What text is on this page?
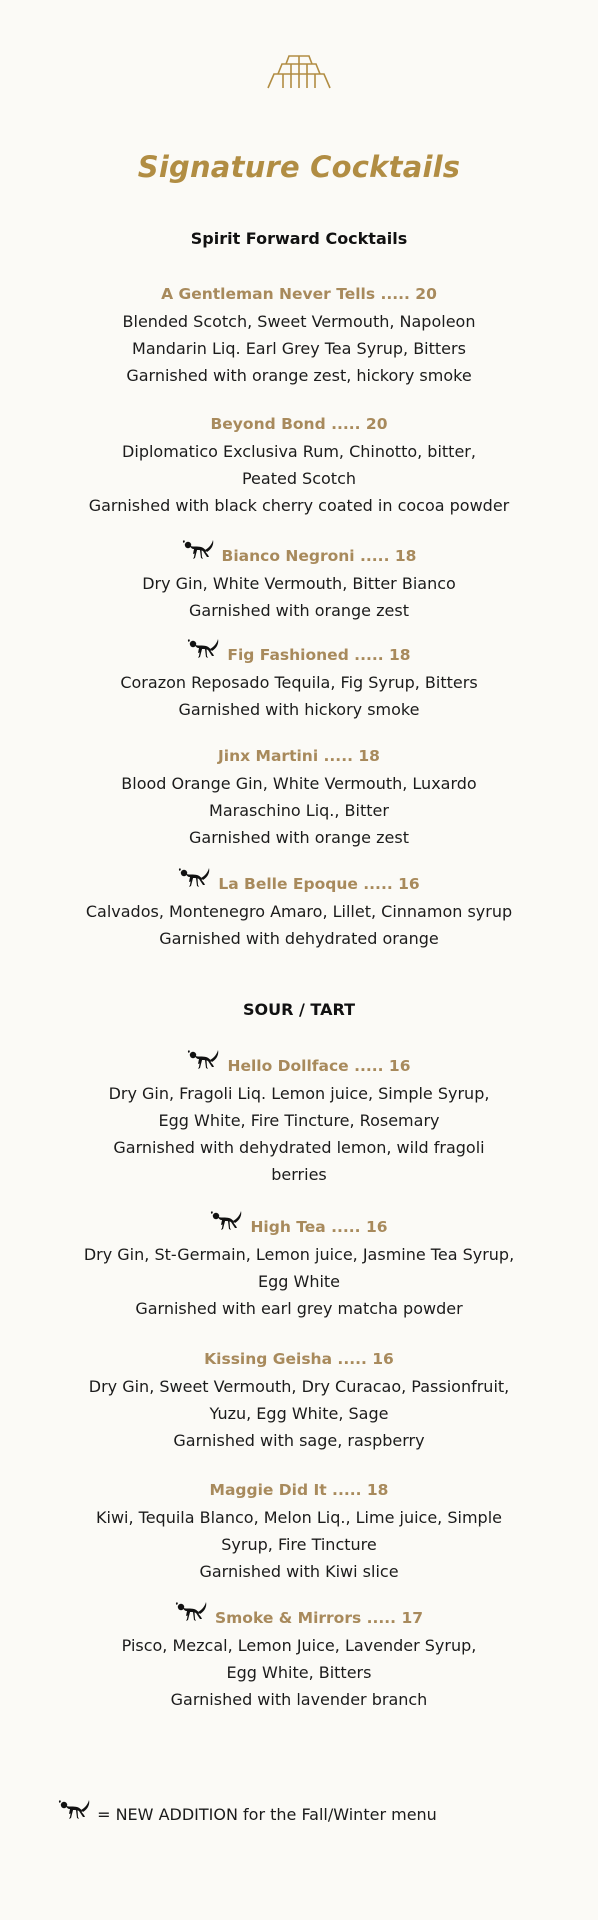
Signature Cocktails
Spirit Forward Cocktails
A Gentleman Never Tells ..... 20
Blended Scotch, Sweet Vermouth, Napoleon
Mandarin Liq. Earl Grey Tea Syrup, Bitters
Garnished with orange zest, hickory smoke
Beyond Bond ..... 20
Diplomatico Exclusiva Rum, Chinotto, bitter,
Peated Scotch
Garnished with black cherry coated in cocoa powder
Bianco Negroni ..... 18
Dry Gin, White Vermouth, Bitter Bianco
Garnished with orange zest
Fig Fashioned ..... 18
Corazon Reposado Tequila, Fig Syrup, Bitters
Garnished with hickory smoke
Jinx Martini ..... 18
Blood Orange Gin, White Vermouth, Luxardo
Maraschino Liq., Bitter
Garnished with orange zest
La Belle Epoque ..... 16
Calvados, Montenegro Amaro, Lillet, Cinnamon syrup
Garnished with dehydrated orange
SOUR / TART
Hello Dollface ..... 16
Dry Gin, Fragoli Liq. Lemon juice, Simple Syrup,
Egg White, Fire Tincture, Rosemary
Garnished with dehydrated lemon, wild fragoli
berries
High Tea ..... 16
Dry Gin, St-Germain, Lemon juice, Jasmine Tea Syrup,
Egg White
Garnished with earl grey matcha powder
Kissing Geisha ..... 16
Dry Gin, Sweet Vermouth, Dry Curacao, Passionfruit,
Yuzu, Egg White, Sage
Garnished with sage, raspberry
Maggie Did It ..... 18
Kiwi, Tequila Blanco, Melon Liq., Lime juice, Simple
Syrup, Fire Tincture
Garnished with Kiwi slice
Smoke & Mirrors ..... 17
Pisco, Mezcal, Lemon Juice, Lavender Syrup,
Egg White, Bitters
Garnished with lavender branch
= NEW ADDITION for the Fall/Winter menu
